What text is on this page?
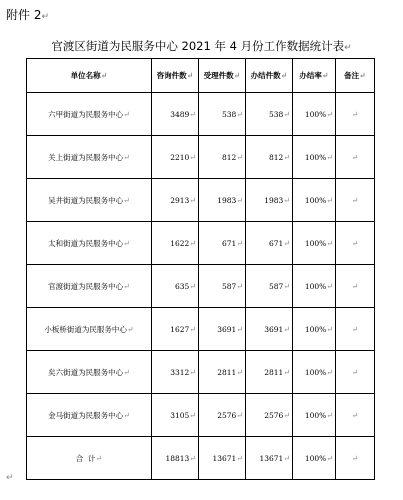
附件 2↵
官渡区街道为民服务中心 2021 年 4 月份工作数据统计表↵
单位名称↵	咨询件数↵	受理件数↵	办结件数↵	办结率↵	备注↵
六甲街道为民服务中心↵	3489↵	538↵	538↵	100%↵	↵
关上街道为民服务中心↵	2210↵	812↵	812↵	100%↵	↵
吴井街道为民服务中心↵	2913↵	1983↵	1983↵	100%↵	↵
太和街道为民服务中心↵	1622↵	671↵	671↵	100%↵	↵
官渡街道为民服务中心↵	635↵	587↵	587↵	100%↵	↵
小板桥街道为民服务中心↵	1627↵	3691↵	3691↵	100%↵	↵
矣六街道为民服务中心↵	3312↵	2811↵	2811↵	100%↵	↵
金马街道为民服务中心↵	3105↵	2576↵	2576↵	100%↵	↵
合  计↵	18813↵	13671↵	13671↵	100%↵	↵
↵
